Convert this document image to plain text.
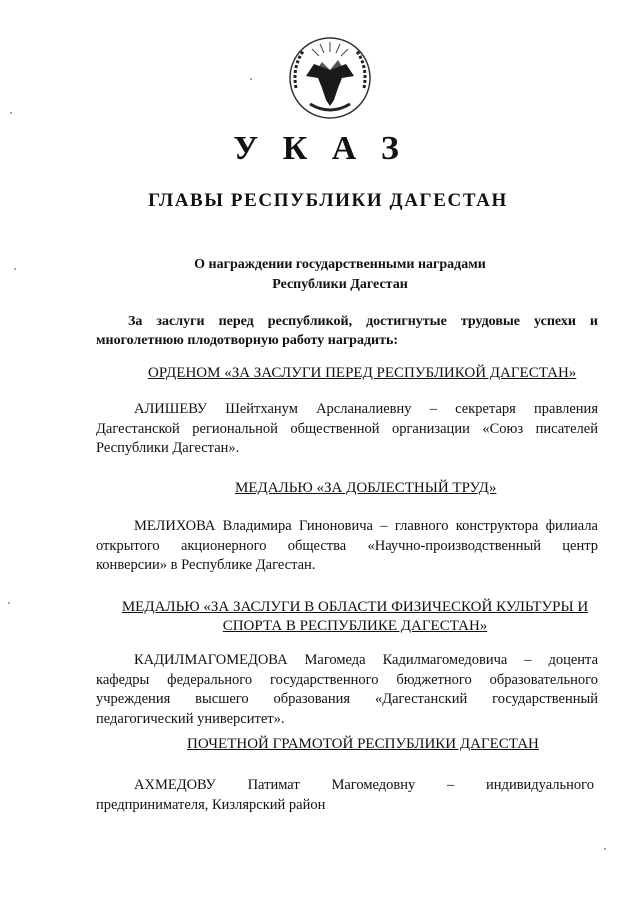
У К А З
ГЛАВЫ РЕСПУБЛИКИ ДАГЕСТАН
О награждении государственными наградами
Республики Дагестан
За заслуги перед республикой, достигнутые трудовые успехи и многолетнюю плодотворную работу наградить:
ОРДЕНОМ «ЗА ЗАСЛУГИ ПЕРЕД РЕСПУБЛИКОЙ ДАГЕСТАН»
АЛИШЕВУ Шейтханум Арсланалиевну – секретаря правления Дагестанской региональной общественной организации «Союз писателей Республики Дагестан».
МЕДАЛЬЮ «ЗА ДОБЛЕСТНЫЙ ТРУД»
МЕЛИХОВА Владимира Гиноновича – главного конструктора филиала открытого акционерного общества «Научно-производственный центр конверсии» в Республике Дагестан.
МЕДАЛЬЮ «ЗА ЗАСЛУГИ В ОБЛАСТИ ФИЗИЧЕСКОЙ КУЛЬТУРЫ И
СПОРТА В РЕСПУБЛИКЕ ДАГЕСТАН»
КАДИЛМАГОМЕДОВА Магомеда Кадилмагомедовича – доцента кафедры федерального государственного бюджетного образовательного учреждения высшего образования «Дагестанский государственный педагогический университет».
ПОЧЕТНОЙ ГРАМОТОЙ РЕСПУБЛИКИ ДАГЕСТАН
АХМЕДОВУ Патимат Магомедовну – индивидуального предпринимателя, Кизлярский район
